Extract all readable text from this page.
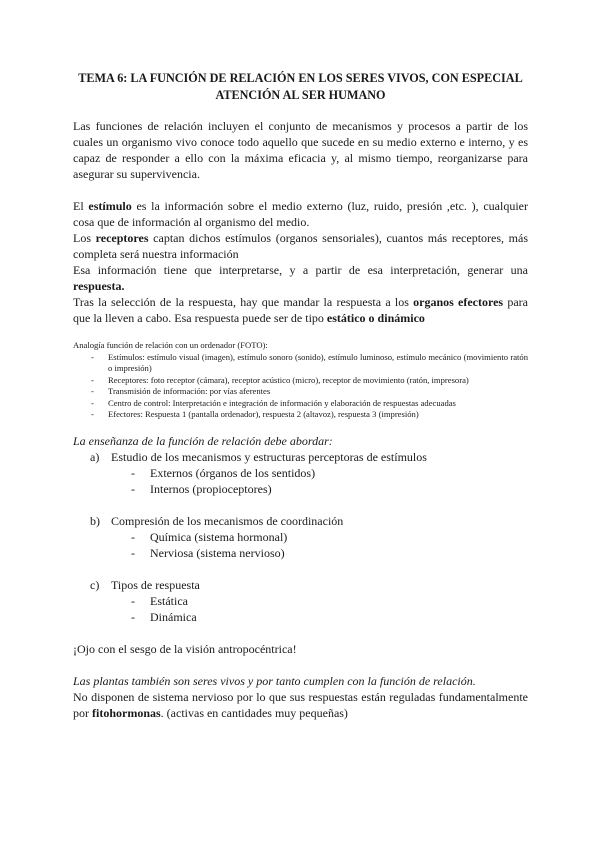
TEMA 6: LA FUNCIÓN DE RELACIÓN EN LOS SERES VIVOS, CON ESPECIAL
ATENCIÓN AL SER HUMANO

Las funciones de relación incluyen el conjunto de mecanismos y procesos a partir de los cuales un organismo vivo conoce todo aquello que sucede en su medio externo e interno, y es capaz de responder a ello con la máxima eficacia y, al mismo tiempo, reorganizarse para asegurar su supervivencia.

El estímulo es la información sobre el medio externo (luz, ruido, presión ,etc. ), cualquier cosa que de información al organismo del medio.

Los receptores captan dichos estímulos (organos sensoriales), cuantos más receptores, más completa será nuestra información

Esa información tiene que interpretarse, y a partir de esa interpretación, generar una respuesta.

Tras la selección de la respuesta, hay que mandar la respuesta a los organos efectores para que la lleven a cabo. Esa respuesta puede ser de tipo estático o dinámico

Analogía función de relación con un ordenador (FOTO):

- Estímulos: estímulo visual (imagen), estímulo sonoro (sonido), estímulo luminoso, estímulo mecánico (movimiento ratón o impresión)
- Receptores: foto receptor (cámara), receptor acústico (micro), receptor de movimiento (ratón, impresora)
- Transmisión de información: por vías aferentes
- Centro de control: Interpretación e integración de información y elaboración de respuestas adecuadas
- Efectores: Respuesta 1 (pantalla ordenador), respuesta 2 (altavoz), respuesta 3 (impresión)

La enseñanza de la función de relación debe abordar:

a) Estudio de los mecanismos y estructuras perceptoras de estímulos
- Externos (órganos de los sentidos)
- Internos (propioceptores)
b) Compresión de los mecanismos de coordinación
- Química (sistema hormonal)
- Nerviosa (sistema nervioso)
c) Tipos de respuesta
- Estática
- Dinámica

¡Ojo con el sesgo de la visión antropocéntrica!

Las plantas también son seres vivos y por tanto cumplen con la función de relación.

No disponen de sistema nervioso por lo que sus respuestas están reguladas fundamentalmente por fitohormonas. (activas en cantidades muy pequeñas)
